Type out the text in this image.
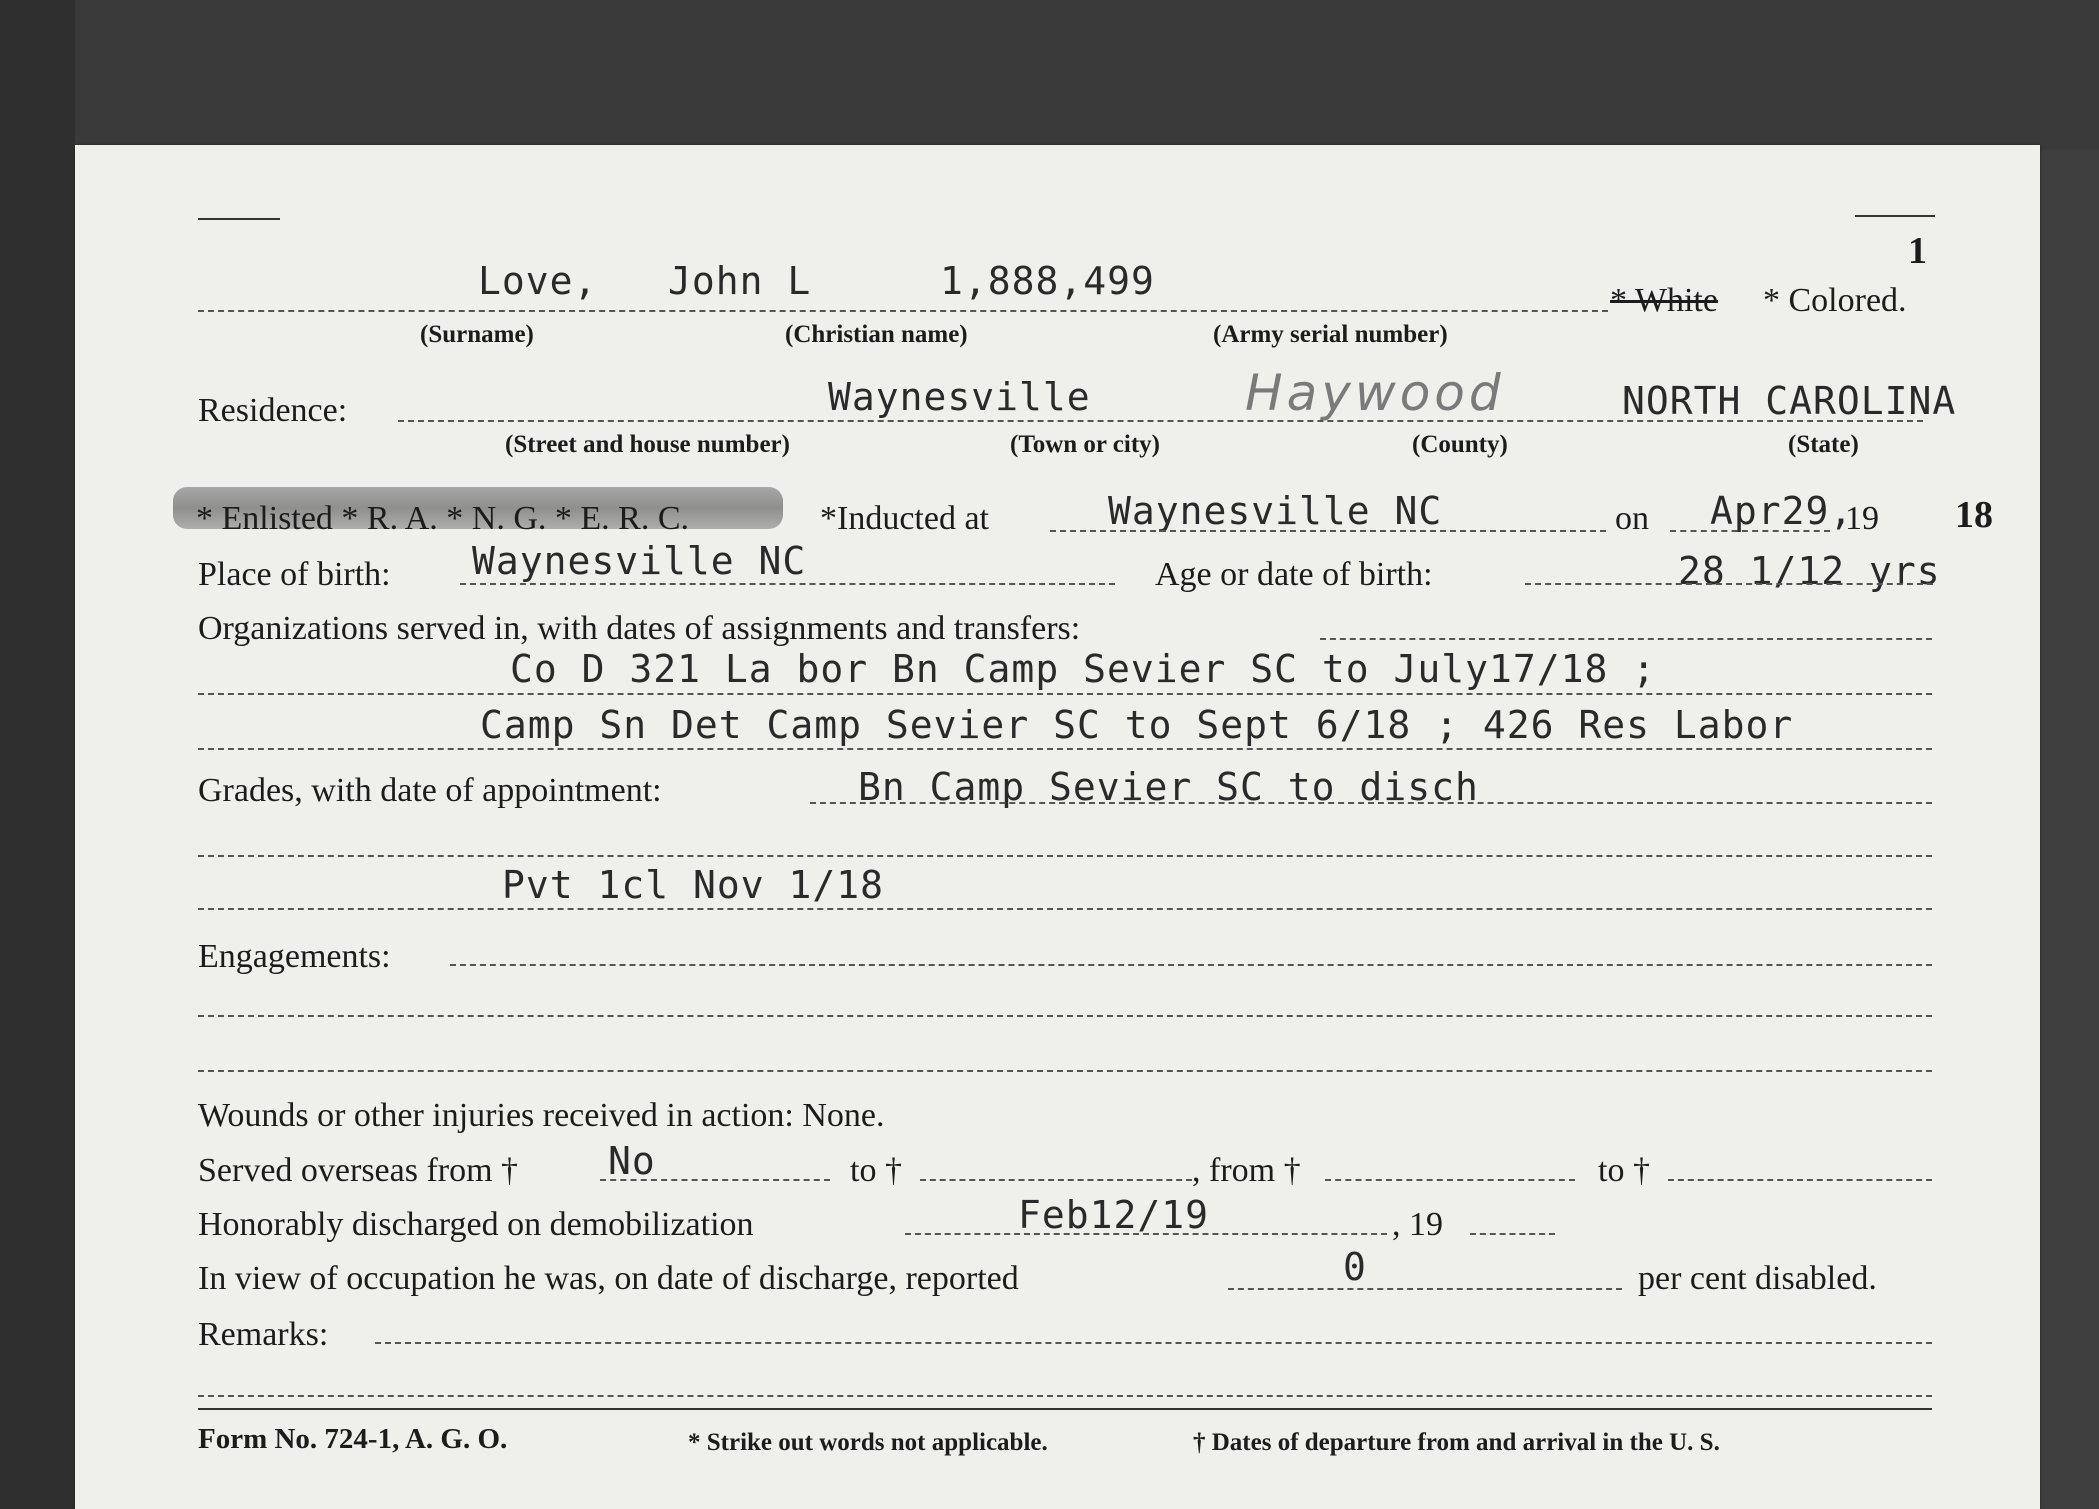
1
Love, John L	1,888,499	* White * Colored.
(Surname)	(Christian name)	(Army serial number)
Residence:	Waynesville	Haywood	NORTH CAROLINA
(Street and house number)	(Town or city)	(County)	(State)
* Enlisted * R. A. * N. G. * E. R. C.	*Inducted at	Waynesville NC	on Apr29,
19 18
Place of birth: Waynesville NC	Age or date of birth:	28 1/12 yrs
Organizations served in, with dates of assignments and transfers:
Co D 321 La bor Bn Camp Sevier SC to July17/18 ;
Camp Sn Det Camp Sevier SC to Sept 6/18 ; 426 Res Labor
Grades, with date of appointment:	Bn Camp Sevier SC to disch
Pvt 1cl Nov 1/18
Engagements:
Wounds or other injuries received in action: None.
Served overseas from † No	to †	, from †	to †
Honorably discharged on demobilization	Feb12/19	, 19
In view of occupation he was, on date of discharge, reported	0	per cent disabled.
Remarks:
Form No. 724-1, A. G. O.	* Strike out words not applicable.	† Dates of departure from and arrival in the U. S.
